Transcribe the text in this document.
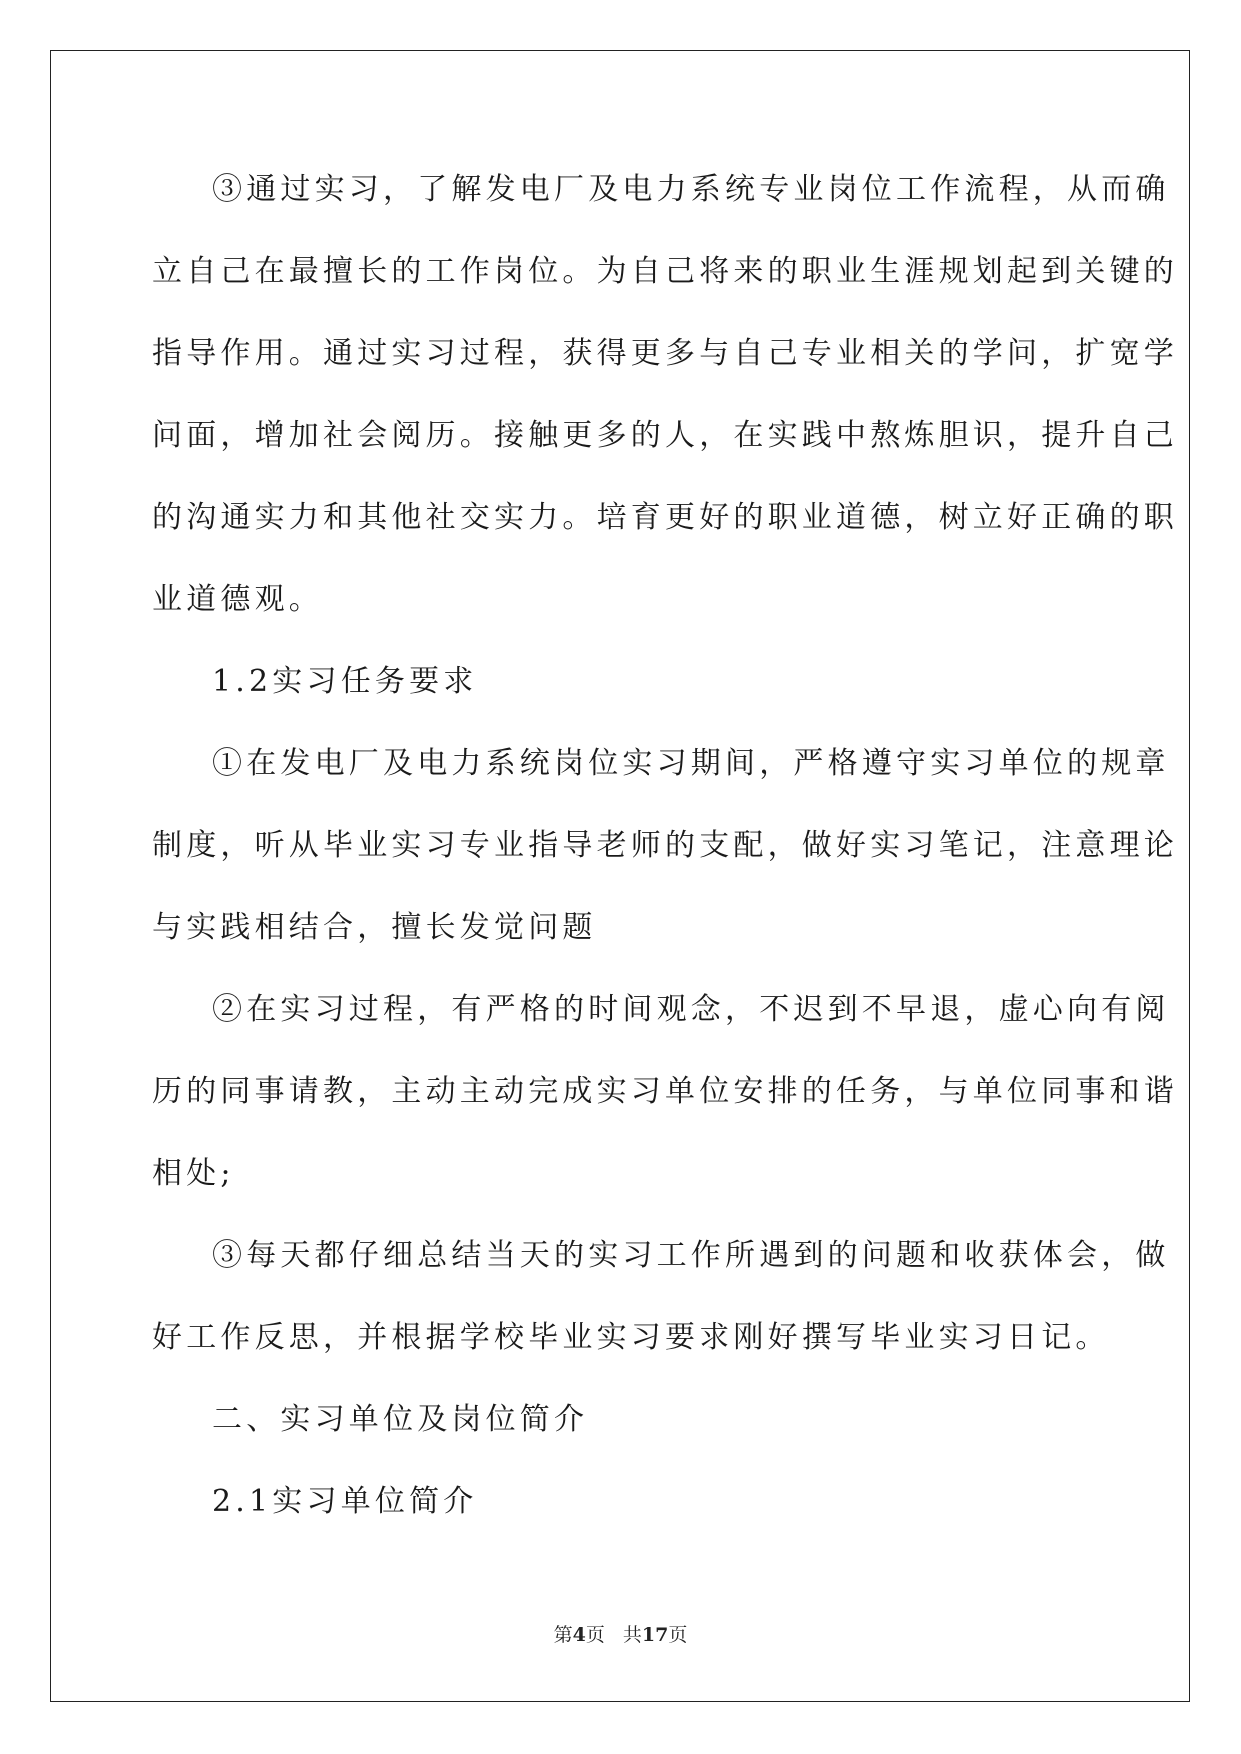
③通过实习，了解发电厂及电力系统专业岗位工作流程，从而确
立自己在最擅长的工作岗位。为自己将来的职业生涯规划起到关键的
指导作用。通过实习过程，获得更多与自己专业相关的学问，扩宽学
问面，增加社会阅历。接触更多的人，在实践中熬炼胆识，提升自己
的沟通实力和其他社交实力。培育更好的职业道德，树立好正确的职
业道德观。
1.2实习任务要求
①在发电厂及电力系统岗位实习期间，严格遵守实习单位的规章
制度，听从毕业实习专业指导老师的支配，做好实习笔记，注意理论
与实践相结合，擅长发觉问题
②在实习过程，有严格的时间观念，不迟到不早退，虚心向有阅
历的同事请教，主动主动完成实习单位安排的任务，与单位同事和谐
相处;
③每天都仔细总结当天的实习工作所遇到的问题和收获体会，做
好工作反思，并根据学校毕业实习要求刚好撰写毕业实习日记。
二、实习单位及岗位简介
2.1实习单位简介
第4页 共17页
